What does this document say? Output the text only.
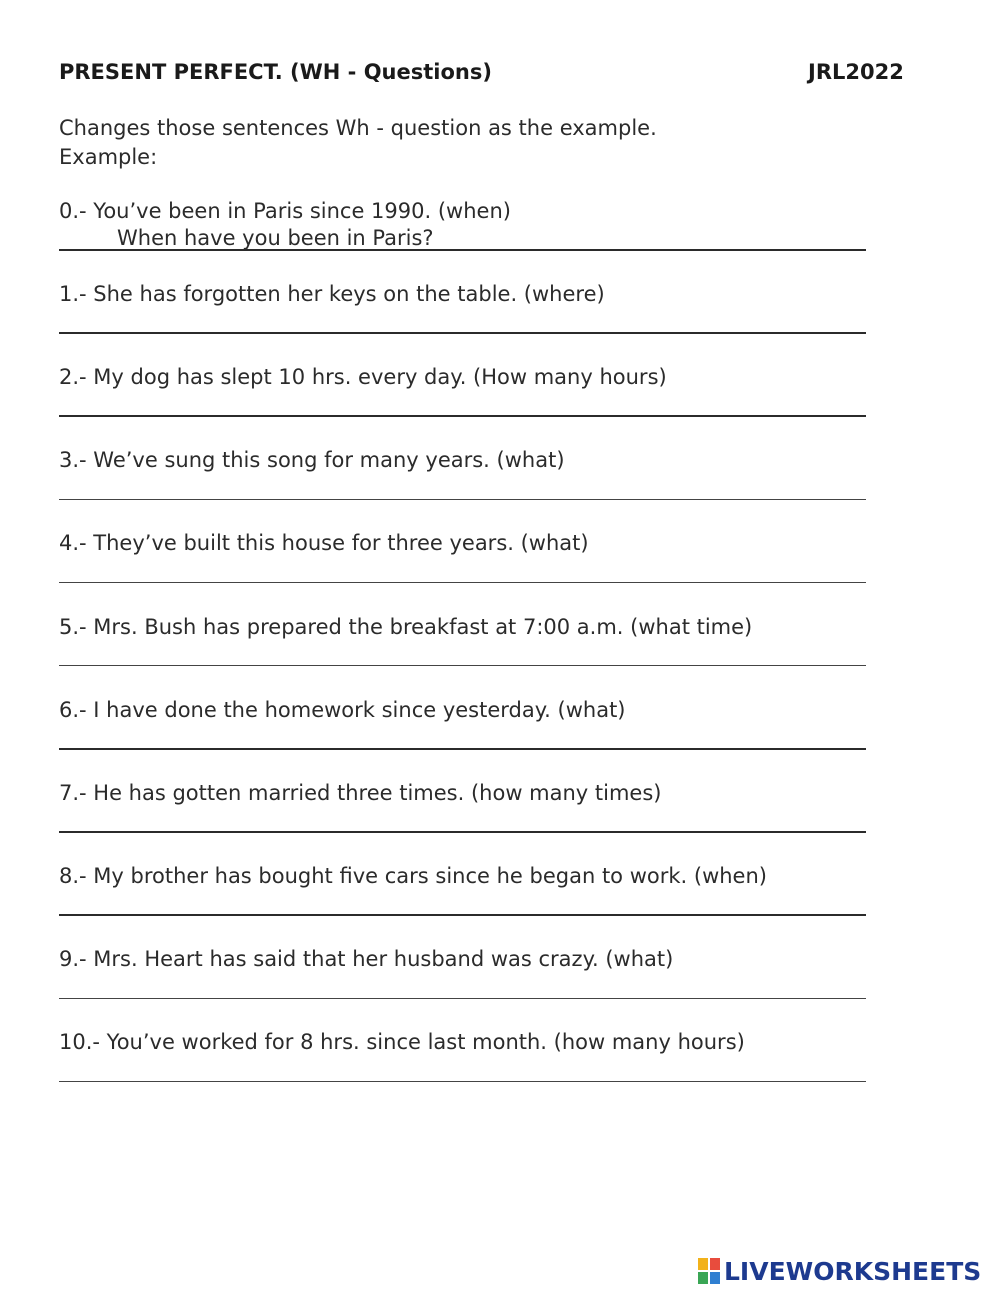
PRESENT PERFECT. (WH - Questions)	JRL2022
Changes those sentences Wh - question as the example.
Example:
0.- You’ve been in Paris since 1990. (when)
When have you been in Paris?
1.- She has forgotten her keys on the table. (where)
2.- My dog has slept 10 hrs. every day. (How many hours)
3.- We’ve sung this song for many years. (what)
4.- They’ve built this house for three years. (what)
5.- Mrs. Bush has prepared the breakfast at 7:00 a.m. (what time)
6.- I have done the homework since yesterday. (what)
7.- He has gotten married three times. (how many times)
8.- My brother has bought five cars since he began to work. (when)
9.- Mrs. Heart has said that her husband was crazy. (what)
10.- You’ve worked for 8 hrs. since last month. (how many hours)
LIVEWORKSHEETS
